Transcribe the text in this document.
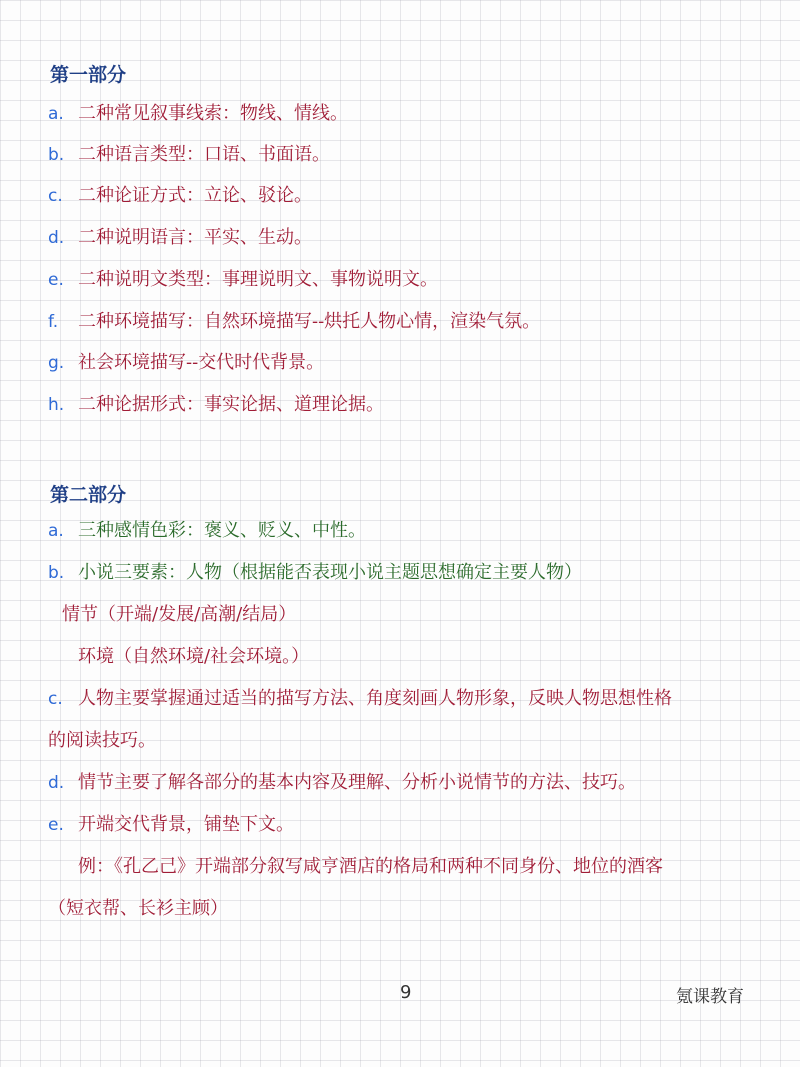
第一部分
a. 二种常见叙事线索：物线、情线。
b. 二种语言类型：口语、书面语。
c. 二种论证方式：立论、驳论。
d. 二种说明语言：平实、生动。
e. 二种说明文类型：事理说明文、事物说明文。
f. 二种环境描写：自然环境描写--烘托人物心情，渲染气氛。
g. 社会环境描写--交代时代背景。
h. 二种论据形式：事实论据、道理论据。
第二部分
a. 三种感情色彩：褒义、贬义、中性。
b. 小说三要素：人物（根据能否表现小说主题思想确定主要人物）
情节（开端/发展/高潮/结局）
环境（自然环境/社会环境。）
c. 人物主要掌握通过适当的描写方法、角度刻画人物形象，反映人物思想性格
的阅读技巧。
d. 情节主要了解各部分的基本内容及理解、分析小说情节的方法、技巧。
e. 开端交代背景，铺垫下文。
例：《孔乙己》开端部分叙写咸亨酒店的格局和两种不同身份、地位的酒客
（短衣帮、长衫主顾）
9	氪课教育
